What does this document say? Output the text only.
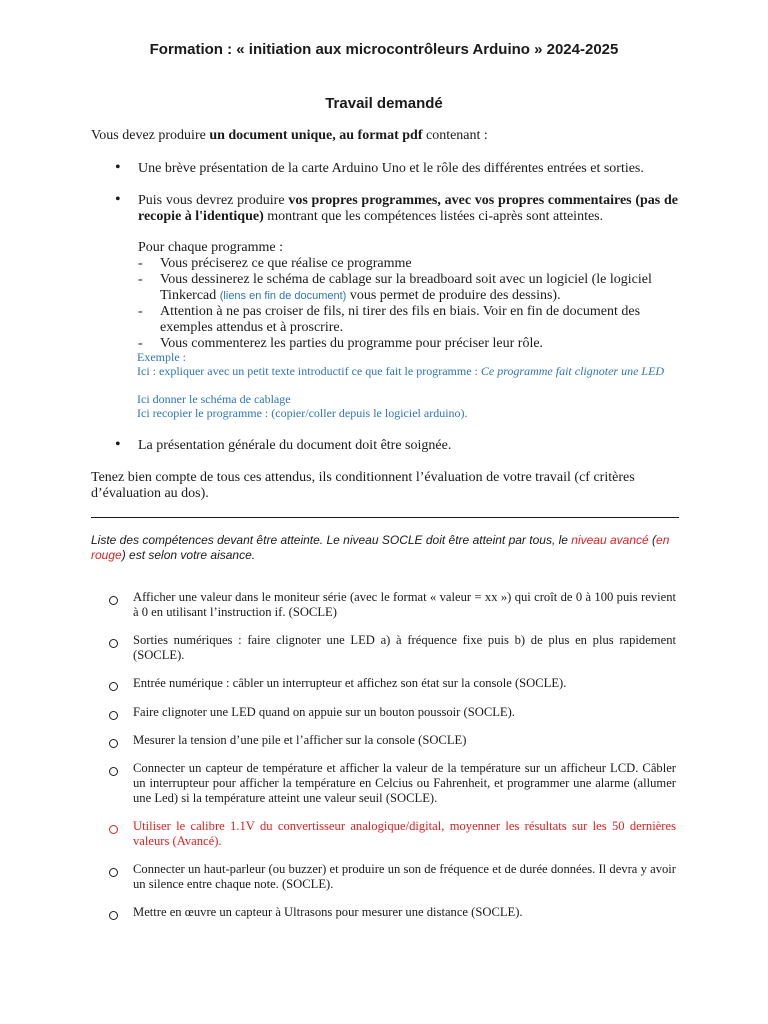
Formation : « initiation aux microcontrôleurs Arduino » 2024-2025
Travail demandé
Vous devez produire un document unique, au format pdf contenant :
• Une brève présentation de la carte Arduino Uno et le rôle des différentes entrées et sorties.
• Puis vous devrez produire vos propres programmes, avec vos propres commentaires (pas de recopie à l'identique) montrant que les compétences listées ci-après sont atteintes.
Pour chaque programme :
- Vous préciserez ce que réalise ce programme
- Vous dessinerez le schéma de cablage sur la breadboard soit avec un logiciel (le logiciel Tinkercad (liens en fin de document) vous permet de produire des dessins).
- Attention à ne pas croiser de fils, ni tirer des fils en biais. Voir en fin de document des exemples attendus et à proscrire.
- Vous commenterez les parties du programme pour préciser leur rôle.
Exemple :
Ici : expliquer avec un petit texte introductif ce que fait le programme : Ce programme fait clignoter une LED
Ici donner le schéma de cablage
Ici recopier le programme : (copier/coller depuis le logiciel arduino).
• La présentation générale du document doit être soignée.
Tenez bien compte de tous ces attendus, ils conditionnent l’évaluation de votre travail (cf critères d’évaluation au dos).
Liste des compétences devant être atteinte. Le niveau SOCLE doit être atteint par tous, le niveau avancé (en rouge) est selon votre aisance.
Afficher une valeur dans le moniteur série (avec le format « valeur = xx ») qui croît de 0 à 100 puis revient à 0 en utilisant l’instruction if. (SOCLE)
Sorties numériques : faire clignoter une LED a) à fréquence fixe puis b) de plus en plus rapidement (SOCLE).
Entrée numérique : câbler un interrupteur et affichez son état sur la console (SOCLE).
Faire clignoter une LED quand on appuie sur un bouton poussoir (SOCLE).
Mesurer la tension d’une pile et l’afficher sur la console (SOCLE)
Connecter un capteur de température et afficher la valeur de la température sur un afficheur LCD. Câbler un interrupteur pour afficher la température en Celcius ou Fahrenheit, et programmer une alarme (allumer une Led) si la température atteint une valeur seuil (SOCLE).
Utiliser le calibre 1.1V du convertisseur analogique/digital, moyenner les résultats sur les 50 dernières valeurs (Avancé).
Connecter un haut-parleur (ou buzzer) et produire un son de fréquence et de durée données. Il devra y avoir un silence entre chaque note. (SOCLE).
Mettre en œuvre un capteur à Ultrasons pour mesurer une distance (SOCLE).
